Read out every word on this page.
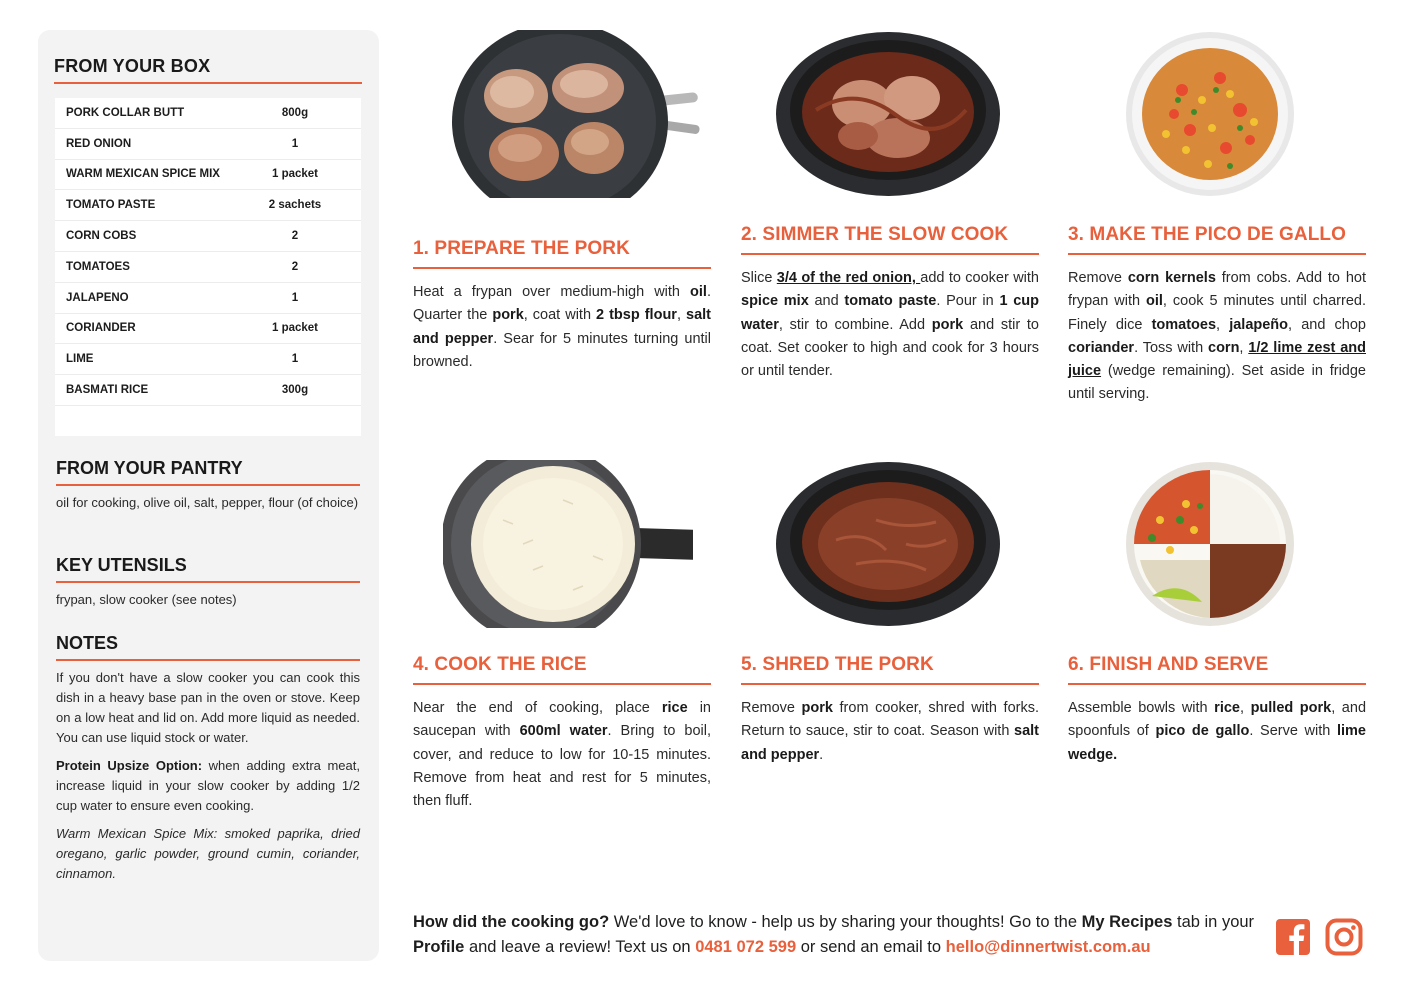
FROM YOUR BOX
PORK COLLAR BUTT	800g
RED ONION	1
WARM MEXICAN SPICE MIX	1 packet
TOMATO PASTE	2 sachets
CORN COBS	2
TOMATOES	2
JALAPENO	1
CORIANDER	1 packet
LIME	1
BASMATI RICE	300g
FROM YOUR PANTRY
oil for cooking, olive oil, salt, pepper, flour (of choice)
KEY UTENSILS
frypan, slow cooker (see notes)
NOTES
If you don't have a slow cooker you can cook this dish in a heavy base pan in the oven or stove. Keep on a low heat and lid on. Add more liquid as needed. You can use liquid stock or water.
Protein Upsize Option: when adding extra meat, increase liquid in your slow cooker by adding 1/2 cup water to ensure even cooking.
Warm Mexican Spice Mix: smoked paprika, dried oregano, garlic powder, ground cumin, coriander, cinnamon.
1. PREPARE THE PORK
2. SIMMER THE SLOW COOK	3. MAKE THE PICO DE GALLO
4. COOK THE RICE	5. SHRED THE PORK	6. FINISH AND SERVE
Heat a frypan over medium-high with oil. Quarter the pork, coat with 2 tbsp flour, salt and pepper. Sear for 5 minutes turning until browned.
Slice 3/4 of the red onion, add to cooker with spice mix and tomato paste. Pour in 1 cup water, stir to combine. Add pork and stir to coat. Set cooker to high and cook for 3 hours or until tender.
Remove corn kernels from cobs. Add to hot frypan with oil, cook 5 minutes until charred. Finely dice tomatoes, jalapeño, and chop coriander. Toss with corn, 1/2 lime zest and juice (wedge remaining). Set aside in fridge until serving.
Near the end of cooking, place rice in saucepan with 600ml water. Bring to boil, cover, and reduce to low for 10-15 minutes. Remove from heat and rest for 5 minutes, then fluff.
Remove pork from cooker, shred with forks. Return to sauce, stir to coat. Season with salt and pepper.
Assemble bowls with rice, pulled pork, and spoonfuls of pico de gallo. Serve with lime wedge.
How did the cooking go? We'd love to know - help us by sharing your thoughts! Go to the My Recipes tab in your Profile and leave a review! Text us on 0481 072 599 or send an email to hello@dinnertwist.com.au
